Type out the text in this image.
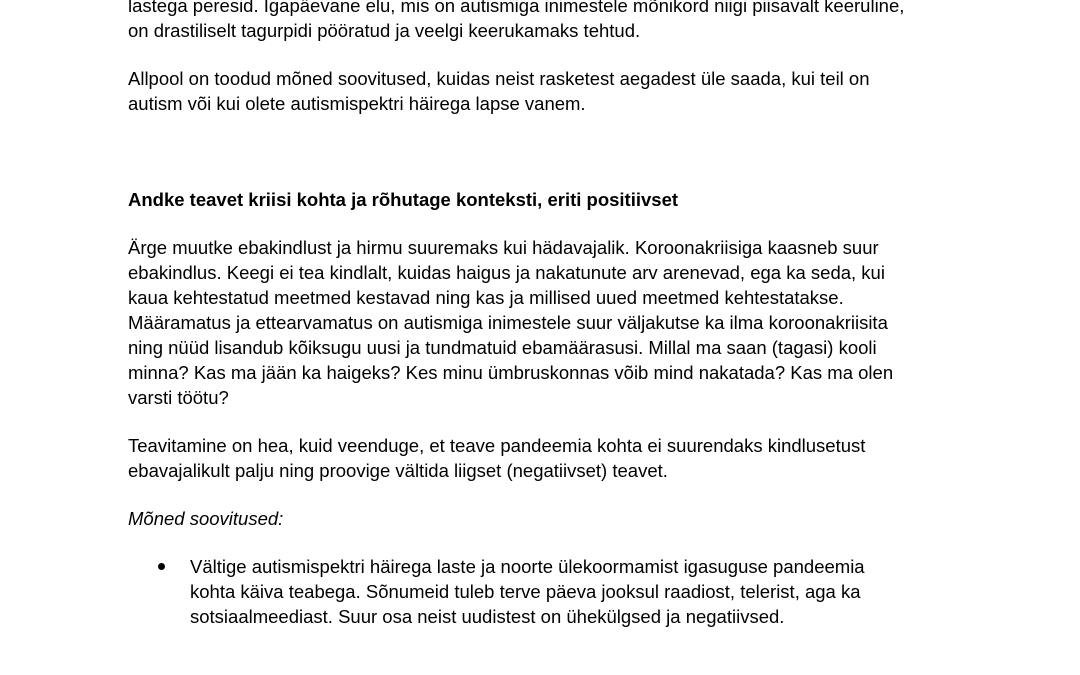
lastega peresid. Igapäevane elu, mis on autismiga inimestele mõnikord niigi piisavalt keeruline,
on drastiliselt tagurpidi pööratud ja veelgi keerukamaks tehtud.
Allpool on toodud mõned soovitused, kuidas neist rasketest aegadest üle saada, kui teil on
autism või kui olete autismispektri häirega lapse vanem.
Andke teavet kriisi kohta ja rõhutage konteksti, eriti positiivset
Ärge muutke ebakindlust ja hirmu suuremaks kui hädavajalik. Koroonakriisiga kaasneb suur
ebakindlus. Keegi ei tea kindlalt, kuidas haigus ja nakatunute arv arenevad, ega ka seda, kui
kaua kehtestatud meetmed kestavad ning kas ja millised uued meetmed kehtestatakse.
Määramatus ja ettearvamatus on autismiga inimestele suur väljakutse ka ilma koroonakriisita
ning nüüd lisandub kõiksugu uusi ja tundmatuid ebamäärasusi. Millal ma saan (tagasi) kooli
minna? Kas ma jään ka haigeks? Kes minu ümbruskonnas võib mind nakatada? Kas ma olen
varsti töötu?
Teavitamine on hea, kuid veenduge, et teave pandeemia kohta ei suurendaks kindlusetust
ebavajalikult palju ning proovige vältida liigset (negatiivset) teavet.
Mõned soovitused:
Vältige autismispektri häirega laste ja noorte ülekoormamist igasuguse pandeemia
kohta käiva teabega. Sõnumeid tuleb terve päeva jooksul raadiost, telerist, aga ka
sotsiaalmeediast. Suur osa neist uudistest on ühekülgsed ja negatiivsed.
